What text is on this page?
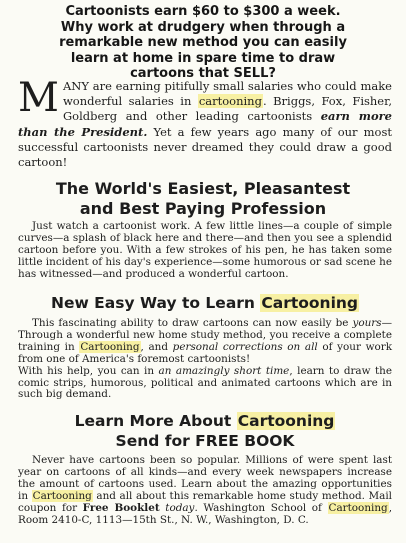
Cartoonists earn $60 to $300 a week.
Why work at drudgery when through a
remarkable new method you can easily
learn at home in spare time to draw
cartoons that SELL?
MANY are earning pitifully small salaries who could make wonderful salaries in cartooning. Briggs, Fox, Fisher, Goldberg and other leading cartoonists earn more than the President. Yet a few years ago many of our most successful cartoonists never dreamed they could draw a good cartoon!
The World's Easiest, Pleasantest
and Best Paying Profession

Just watch a cartoonist work. A few little lines—a couple of simple curves—a splash of black here and there—and then you see a splendid cartoon before you. With a few strokes of his pen, he has taken some little incident of his day's experience—some humorous or sad scene he has witnessed—and produced a wonderful cartoon.

New Easy Way to Learn Cartooning

This fascinating ability to draw cartoons can now easily be yours—Through a wonderful new home study method, you receive a complete training in Cartooning, and personal corrections on all of your work from one of America's foremost cartoonists!

With his help, you can in an amazingly short time, learn to draw the comic strips, humorous, political and animated cartoons which are in such big demand.

Learn More About Cartooning
Send for FREE BOOK

Never have cartoons been so popular. Millions of were spent last year on cartoons of all kinds—and every week newspapers increase the amount of cartoons used. Learn about the amazing opportunities in Cartooning and all about this remarkable home study method. Mail coupon for Free Booklet today. Washington School of Cartooning, Room 2410-C, 1113—15th St., N. W., Washington, D. C.
